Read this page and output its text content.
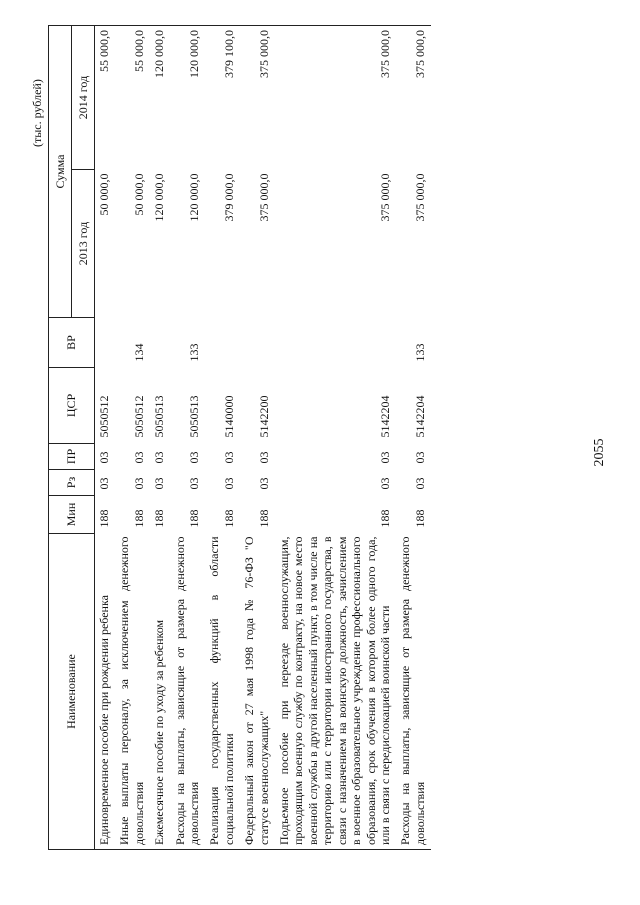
2055
(тыс. рублей)
Наименование	Мин	Рз	ПР	ЦСР	ВР	Сумма	
						2013 год	2014 год
Единовременное пособие при рождении ребенка	188	03	03	5050512		50 000,0	55 000,0
Иные выплаты персоналу, за исключением денежного довольствия	188	03	03	5050512	134	50 000,0	55 000,0
Ежемесячное пособие по уходу за ребенком	188	03	03	5050513		120 000,0	120 000,0
Расходы на выплаты, зависящие от размера денежного довольствия	188	03	03	5050513	133	120 000,0	120 000,0
Реализация государственных функций в области социальной политики	188	03	03	5140000		379 000,0	379 100,0
Федеральный закон от 27 мая 1998 года № 76-ФЗ "О статусе военнослужащих"	188	03	03	5142200		375 000,0	375 000,0
Подъемное пособие при переезде военнослужащим, проходящим военную службу по контракту, на новое место военной службы в другой населенный пункт, в том числе на территорию или с территории иностранного государства, в связи с назначением на воинскую должность, зачислением в военное образовательное учреждение профессионального образования, срок обучения в котором более одного года, или в связи с передислокацией воинской части	188	03	03	5142204		375 000,0	375 000,0
Расходы на выплаты, зависящие от размера денежного довольствия	188	03	03	5142204	133	375 000,0	375 000,0
